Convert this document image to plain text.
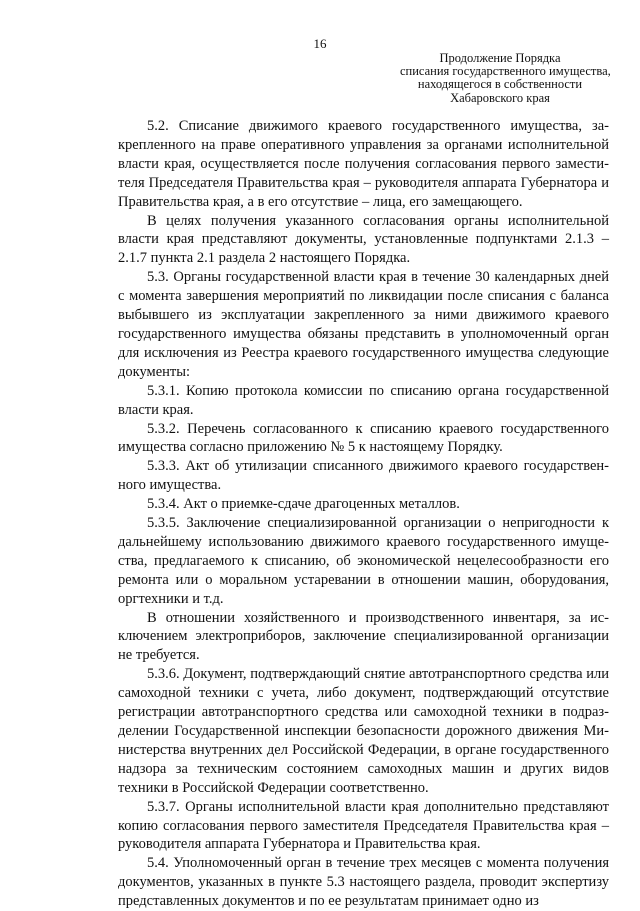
16
Продолжение Порядка
списания государственного имущества,
находящегося в собственности
Хабаровского края

5.2. Списание движимого краевого государственного имущества, закрепленного на праве оперативного управления за органами исполнительной власти края, осуществляется после получения согласования первого заместителя Председателя Правительства края – руководителя аппарата Губернатора и Правительства края, а в его отсутствие – лица, его замещающего.

В целях получения указанного согласования органы исполнительной власти края представляют документы, установленные подпунктами 2.1.3 – 2.1.7 пункта 2.1 раздела 2 настоящего Порядка.

5.3. Органы государственной власти края в течение 30 календарных дней с момента завершения мероприятий по ликвидации после списания с баланса выбывшего из эксплуатации закрепленного за ними движимого краевого государственного имущества обязаны представить в уполномоченный орган для исключения из Реестра краевого государственного имущества следующие документы:

5.3.1. Копию протокола комиссии по списанию органа государственной власти края.

5.3.2. Перечень согласованного к списанию краевого государственного имущества согласно приложению № 5 к настоящему Порядку.

5.3.3. Акт об утилизации списанного движимого краевого государственного имущества.

5.3.4. Акт о приемке-сдаче драгоценных металлов.

5.3.5. Заключение специализированной организации о непригодности к дальнейшему использованию движимого краевого государственного имущества, предлагаемого к списанию, об экономической нецелесообразности его ремонта или о моральном устаревании в отношении машин, оборудования, оргтехники и т.д.

В отношении хозяйственного и производственного инвентаря, за исключением электроприборов, заключение специализированной организации не требуется.

5.3.6. Документ, подтверждающий снятие автотранспортного средства или самоходной техники с учета, либо документ, подтверждающий отсутствие регистрации автотранспортного средства или самоходной техники в подразделении Государственной инспекции безопасности дорожного движения Министерства внутренних дел Российской Федерации, в органе государственного надзора за техническим состоянием самоходных машин и других видов техники в Российской Федерации соответственно.

5.3.7. Органы исполнительной власти края дополнительно представляют копию согласования первого заместителя Председателя Правительства края – руководителя аппарата Губернатора и Правительства края.

5.4. Уполномоченный орган в течение трех месяцев с момента получения документов, указанных в пункте 5.3 настоящего раздела, проводит экспертизу представленных документов и по ее результатам принимает одно из
